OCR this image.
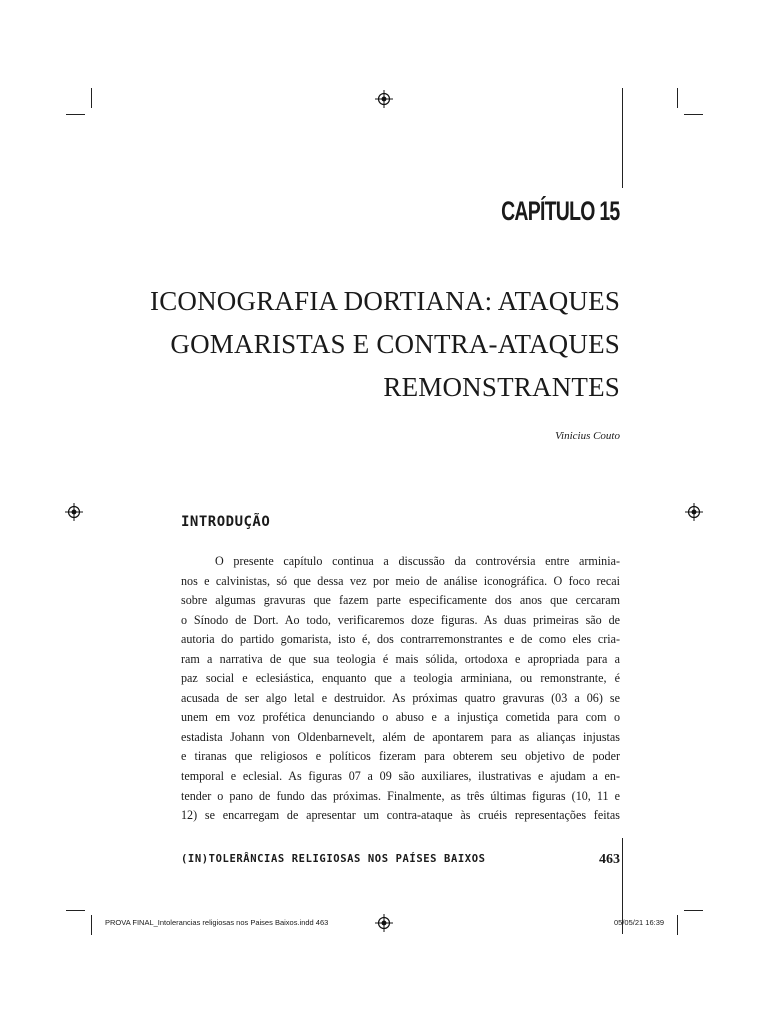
CAPÍTULO 15
ICONOGRAFIA DORTIANA: ATAQUES
GOMARISTAS E CONTRA-ATAQUES
REMONSTRANTES
Vinicius Couto
INTRODUÇÃO
O presente capítulo continua a discussão da controvérsia entre arminia-
nos e calvinistas, só que dessa vez por meio de análise iconográfica. O foco recai
sobre algumas gravuras que fazem parte especificamente dos anos que cercaram
o Sínodo de Dort. Ao todo, verificaremos doze figuras. As duas primeiras são de
autoria do partido gomarista, isto é, dos contrarremonstrantes e de como eles cria-
ram a narrativa de que sua teologia é mais sólida, ortodoxa e apropriada para a
paz social e eclesiástica, enquanto que a teologia arminiana, ou remonstrante, é
acusada de ser algo letal e destruidor. As próximas quatro gravuras (03 a 06) se
unem em voz profética denunciando o abuso e a injustiça cometida para com o
estadista Johann von Oldenbarnevelt, além de apontarem para as alianças injustas
e tiranas que religiosos e políticos fizeram para obterem seu objetivo de poder
temporal e eclesial. As figuras 07 a 09 são auxiliares, ilustrativas e ajudam a en-
tender o pano de fundo das próximas. Finalmente, as três últimas figuras (10, 11 e
12) se encarregam de apresentar um contra-ataque às cruéis representações feitas
(IN)TOLERÂNCIAS RELIGIOSAS NOS PAÍSES BAIXOS	463
PROVA FINAL_Intolerancias religiosas nos Paises Baixos.indd 463	05/05/21 16:39
